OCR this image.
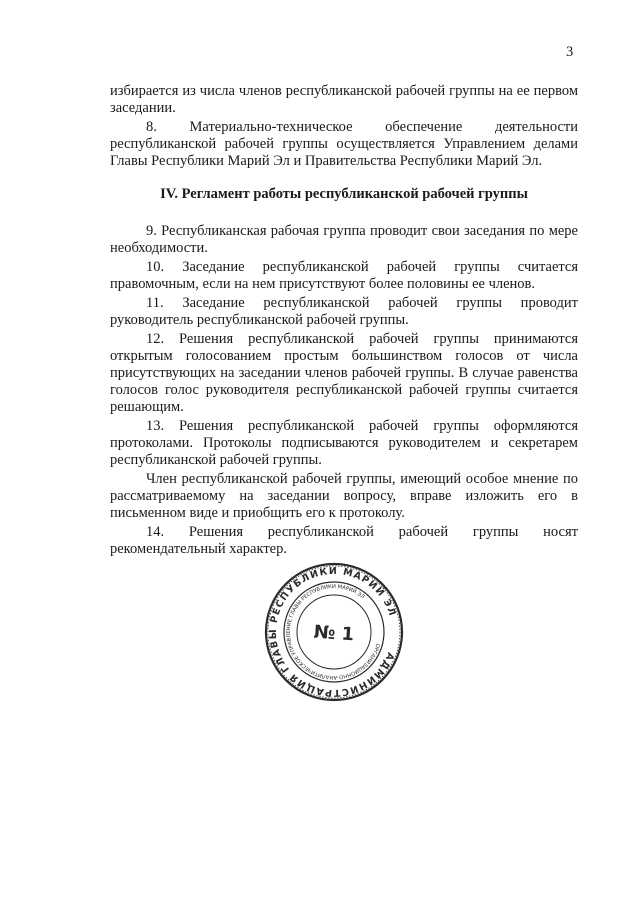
3

избирается из числа членов республиканской рабочей группы на ее первом заседании.

8. Материально-техническое обеспечение деятельности республиканской рабочей группы осуществляется Управлением делами Главы Республики Марий Эл и Правительства Республики Марий Эл.

IV. Регламент работы республиканской рабочей группы

9. Республиканская рабочая группа проводит свои заседания по мере необходимости.

10. Заседание республиканской рабочей группы считается правомочным, если на нем присутствуют более половины ее членов.

11. Заседание республиканской рабочей группы проводит руководитель республиканской рабочей группы.

12. Решения республиканской рабочей группы принимаются открытым голосованием простым большинством голосов от числа присутствующих на заседании членов рабочей группы. В случае равенства голосов голос руководителя республиканской рабочей группы считается решающим.

13. Решения республиканской рабочей группы оформляются протоколами. Протоколы подписываются руководителем и секретарем республиканской рабочей группы.

Член республиканской рабочей группы, имеющий особое мнение по рассматриваемому на заседании вопросу, вправе изложить его в письменном виде и приобщить его к протоколу.

14. Решения республиканской рабочей группы носят рекомендательный характер.

АДМИНИСТРАЦИЯ ГЛАВЫ РЕСПУБЛИКИ МАРИЙ ЭЛ
ОРГАНИЗАЦИОННО-АНАЛИТИЧЕСКОЕ УПРАВЛЕНИЕ ГЛАВЫ РЕСПУБЛИКИ МАРИЙ ЭЛ
№ 1
